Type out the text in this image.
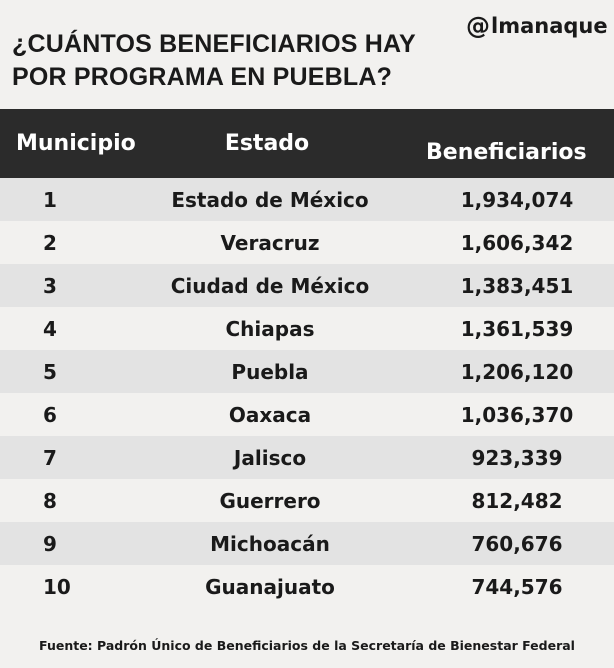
¿CUÁNTOS BENEFICIARIOS HAY POR PROGRAMA EN PUEBLA?
@ lmanaque
Municipio	Estado	Beneficiarios
1	Estado de México	1,934,074
2	Veracruz	1,606,342
3	Ciudad de México	1,383,451
4	Chiapas	1,361,539
5	Puebla	1,206,120
6	Oaxaca	1,036,370
7	Jalisco	923,339
8	Guerrero	812,482
9	Michoacán	760,676
10	Guanajuato	744,576
Fuente: Padrón Único de Beneficiarios de la Secretaría de Bienestar Federal
